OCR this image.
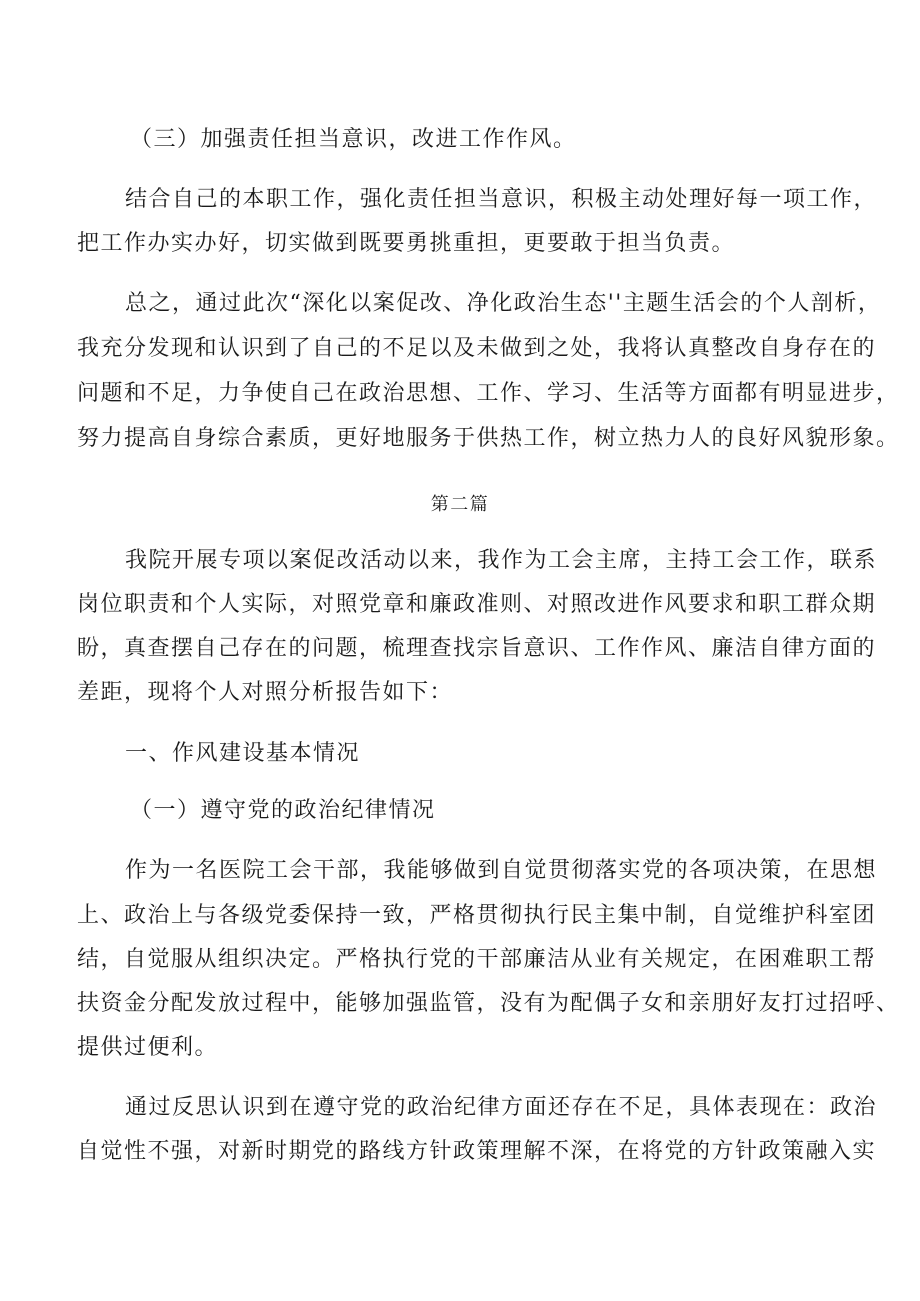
（三）加强责任担当意识，改进工作作风。
结合自己的本职工作，强化责任担当意识，积极主动处理好每一项工作，
把工作办实办好，切实做到既要勇挑重担，更要敢于担当负责。
总之，通过此次“深化以案促改、净化政治生态''主题生活会的个人剖析，
我充分发现和认识到了自己的不足以及未做到之处，我将认真整改自身存在的
问题和不足，力争使自己在政治思想、工作、学习、生活等方面都有明显进步，
努力提高自身综合素质，更好地服务于供热工作，树立热力人的良好风貌形象。
第二篇
我院开展专项以案促改活动以来，我作为工会主席，主持工会工作，联系
岗位职责和个人实际，对照党章和廉政准则、对照改进作风要求和职工群众期
盼，真查摆自己存在的问题，梳理查找宗旨意识、工作作风、廉洁自律方面的
差距，现将个人对照分析报告如下：
一、作风建设基本情况
（一）遵守党的政治纪律情况
作为一名医院工会干部，我能够做到自觉贯彻落实党的各项决策，在思想
上、政治上与各级党委保持一致，严格贯彻执行民主集中制，自觉维护科室团
结，自觉服从组织决定。严格执行党的干部廉洁从业有关规定，在困难职工帮
扶资金分配发放过程中，能够加强监管，没有为配偶子女和亲朋好友打过招呼、
提供过便利。
通过反思认识到在遵守党的政治纪律方面还存在不足，具体表现在：政治
自觉性不强，对新时期党的路线方针政策理解不深，在将党的方针政策融入实
